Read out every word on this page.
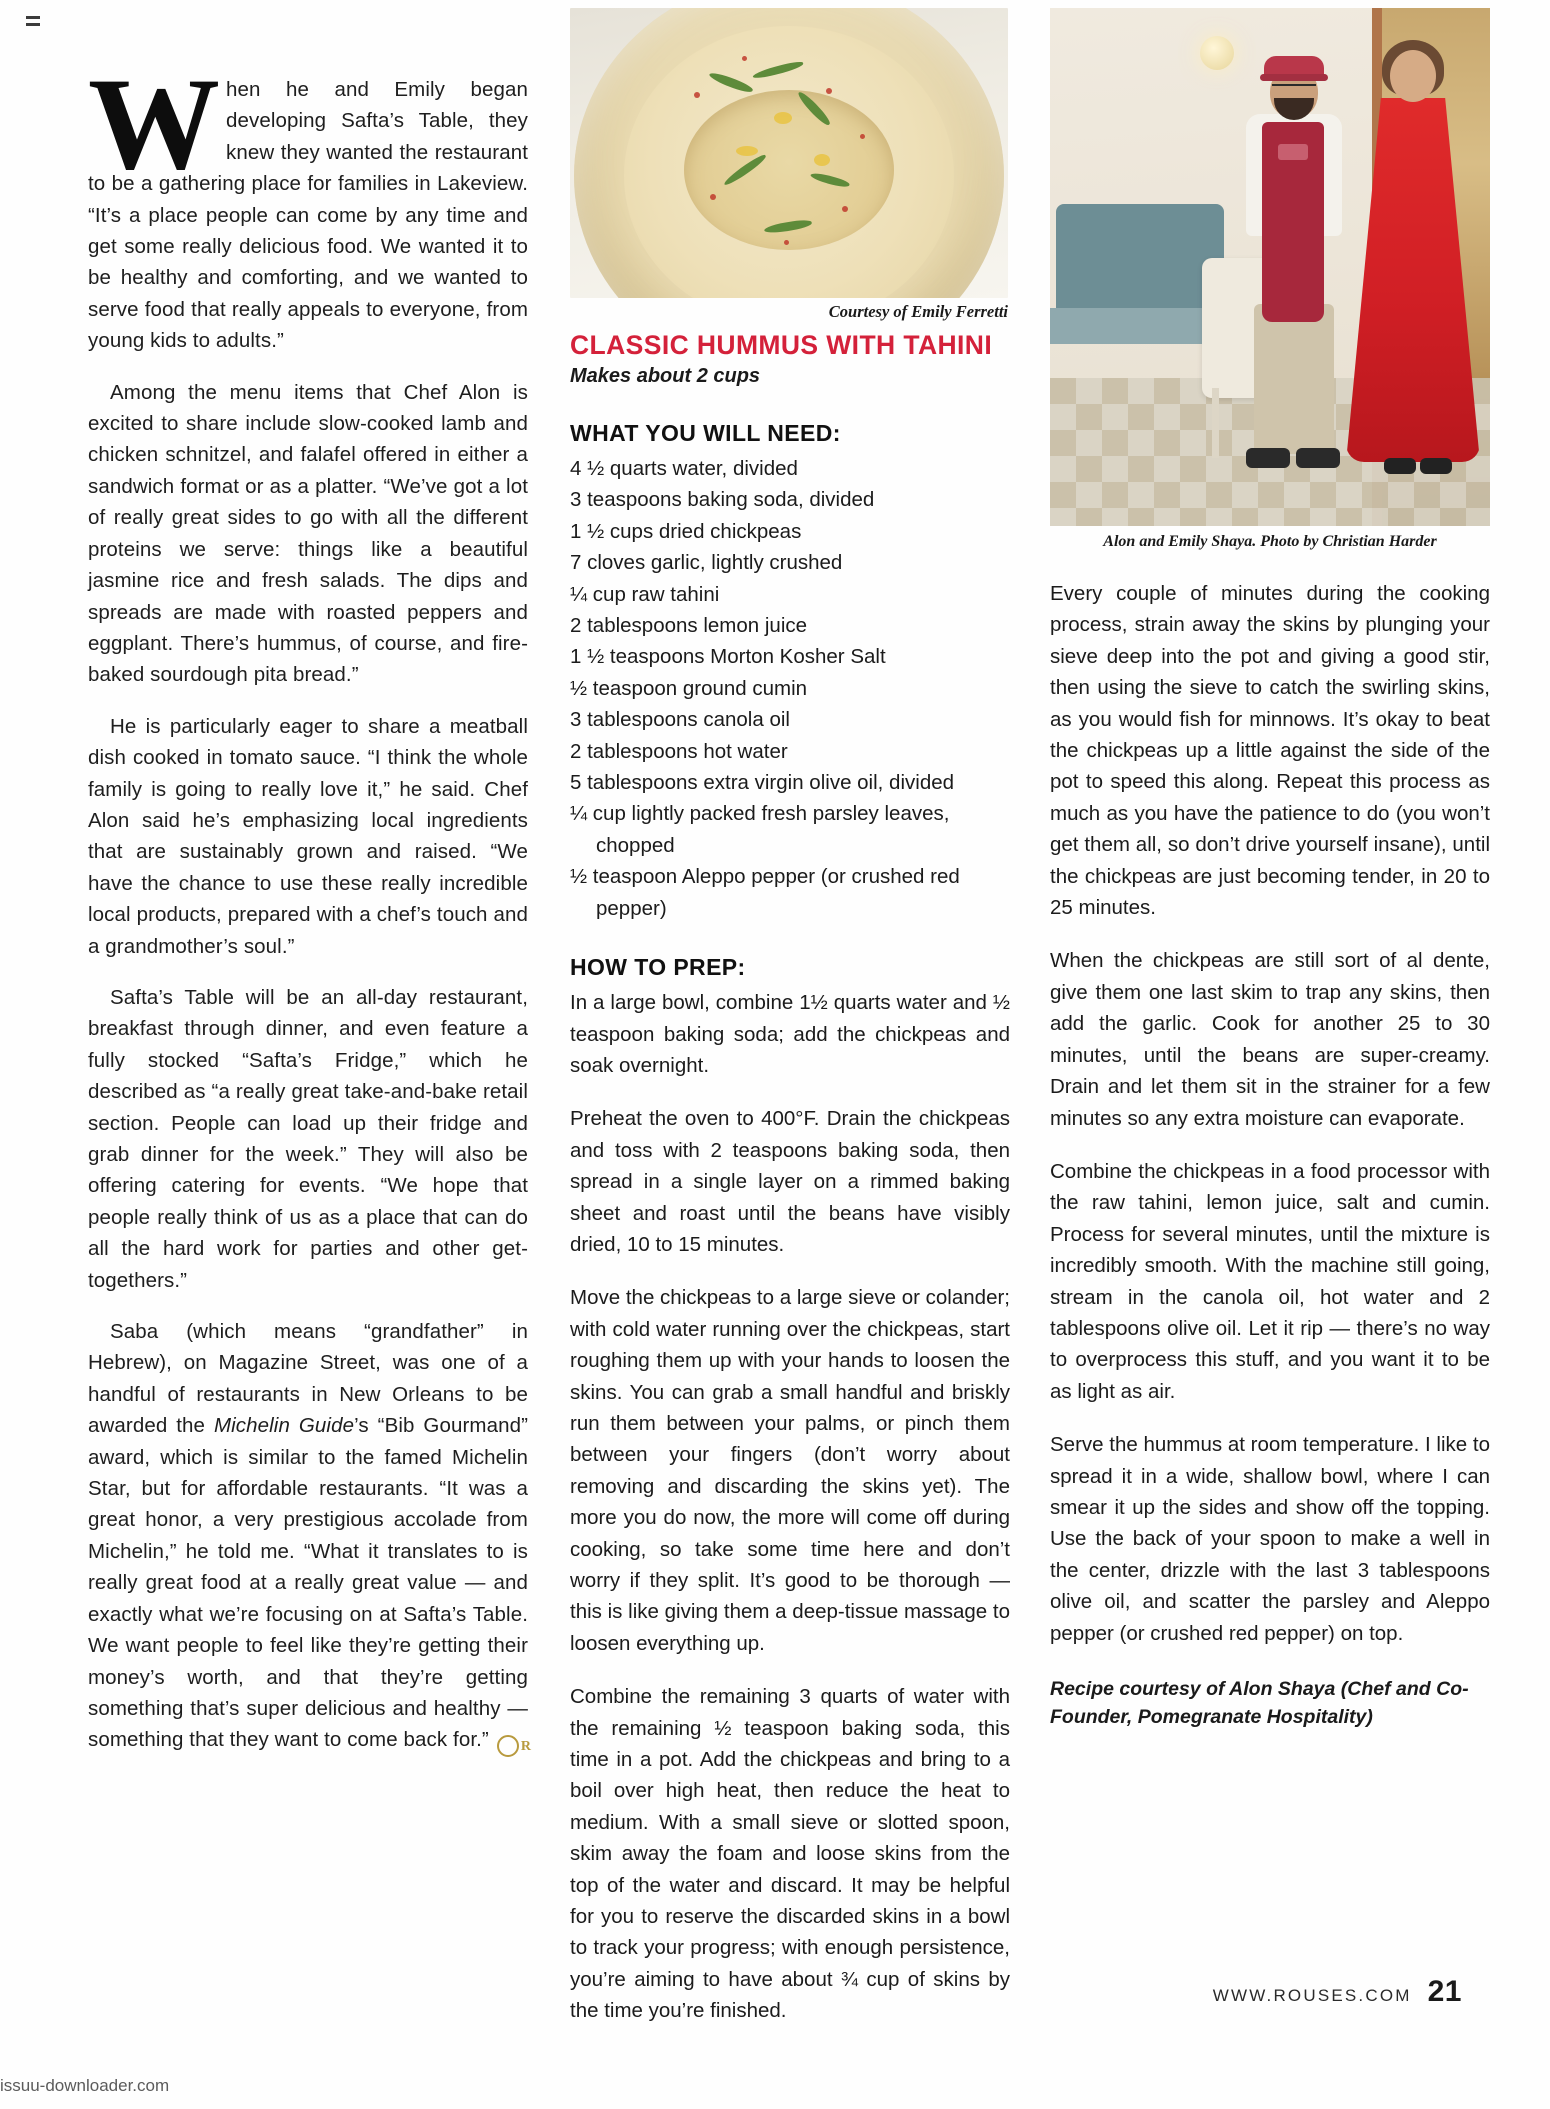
When he and Emily began developing Safta’s Table, they knew they wanted the restaurant to be a gathering place for families in Lakeview. “It’s a place people can come by any time and get some really delicious food. We wanted it to be healthy and comforting, and we wanted to serve food that really appeals to everyone, from young kids to adults.”

Among the menu items that Chef Alon is excited to share include slow-cooked lamb and chicken schnitzel, and falafel offered in either a sandwich format or as a platter. “We’ve got a lot of really great sides to go with all the different proteins we serve: things like a beautiful jasmine rice and fresh salads. The dips and spreads are made with roasted peppers and eggplant. There’s hummus, of course, and fire-baked sourdough pita bread.”

He is particularly eager to share a meatball dish cooked in tomato sauce. “I think the whole family is going to really love it,” he said. Chef Alon said he’s emphasizing local ingredients that are sustainably grown and raised. “We have the chance to use these really incredible local products, prepared with a chef’s touch and a grandmother’s soul.”

Safta’s Table will be an all-day restaurant, breakfast through dinner, and even feature a fully stocked “Safta’s Fridge,” which he described as “a really great take-and-bake retail section. People can load up their fridge and grab dinner for the week.” They will also be offering catering for events. “We hope that people really think of us as a place that can do all the hard work for parties and other get-togethers.”

Saba (which means “grandfather” in Hebrew), on Magazine Street, was one of a handful of restaurants in New Orleans to be awarded the Michelin Guide’s “Bib Gourmand” award, which is similar to the famed Michelin Star, but for affordable restaurants. “It was a great honor, a very prestigious accolade from Michelin,” he told me. “What it translates to is really great food at a really great value — and exactly what we’re focusing on at Safta’s Table. We want people to feel like they’re getting their money’s worth, and that they’re getting something that’s super delicious and healthy — something that they want to come back for.” R

Courtesy of Emily Ferretti
Alon and Emily Shaya. Photo by Christian Harder
CLASSIC HUMMUS WITH TAHINI
Makes about 2 cups
WHAT YOU WILL NEED:
4 ½ quarts water, divided
3 teaspoons baking soda, divided
1 ½ cups dried chickpeas
7 cloves garlic, lightly crushed
¼ cup raw tahini
2 tablespoons lemon juice
1 ½ teaspoons Morton Kosher Salt
½ teaspoon ground cumin
3 tablespoons canola oil
2 tablespoons hot water
5 tablespoons extra virgin olive oil, divided
¼ cup lightly packed fresh parsley leaves,
chopped
½ teaspoon Aleppo pepper (or crushed red
pepper)
HOW TO PREP:

In a large bowl, combine 1½ quarts water and ½ teaspoon baking soda; add the chickpeas and soak overnight.

Preheat the oven to 400°F. Drain the chickpeas and toss with 2 teaspoons baking soda, then spread in a single layer on a rimmed baking sheet and roast until the beans have visibly dried, 10 to 15 minutes.

Move the chickpeas to a large sieve or colander; with cold water running over the chickpeas, start roughing them up with your hands to loosen the skins. You can grab a small handful and briskly run them between your palms, or pinch them between your fingers (don’t worry about removing and discarding the skins yet). The more you do now, the more will come off during cooking, so take some time here and don’t worry if they split. It’s good to be thorough — this is like giving them a deep-tissue massage to loosen everything up.

Combine the remaining 3 quarts of water with the remaining ½ teaspoon baking soda, this time in a pot. Add the chickpeas and bring to a boil over high heat, then reduce the heat to medium. With a small sieve or slotted spoon, skim away the foam and loose skins from the top of the water and discard. It may be helpful for you to reserve the discarded skins in a bowl to track your progress; with enough persistence, you’re aiming to have about ¾ cup of skins by the time you’re finished.

Every couple of minutes during the cooking process, strain away the skins by plunging your sieve deep into the pot and giving a good stir, then using the sieve to catch the swirling skins, as you would fish for minnows. It’s okay to beat the chickpeas up a little against the side of the pot to speed this along. Repeat this process as much as you have the patience to do (you won’t get them all, so don’t drive yourself insane), until the chickpeas are just becoming tender, in 20 to 25 minutes.

When the chickpeas are still sort of al dente, give them one last skim to trap any skins, then add the garlic. Cook for another 25 to 30 minutes, until the beans are super-creamy. Drain and let them sit in the strainer for a few minutes so any extra moisture can evaporate.

Combine the chickpeas in a food processor with the raw tahini, lemon juice, salt and cumin. Process for several minutes, until the mixture is incredibly smooth. With the machine still going, stream in the canola oil, hot water and 2 tablespoons olive oil. Let it rip — there’s no way to overprocess this stuff, and you want it to be as light as air.

Serve the hummus at room temperature. I like to spread it in a wide, shallow bowl, where I can smear it up the sides and show off the topping. Use the back of your spoon to make a well in the center, drizzle with the last 3 tablespoons olive oil, and scatter the parsley and Aleppo pepper (or crushed red pepper) on top.

Recipe courtesy of Alon Shaya (Chef and Co-Founder, Pomegranate Hospitality)
WWW.ROUSES.COM 21
issuu-downloader.com
